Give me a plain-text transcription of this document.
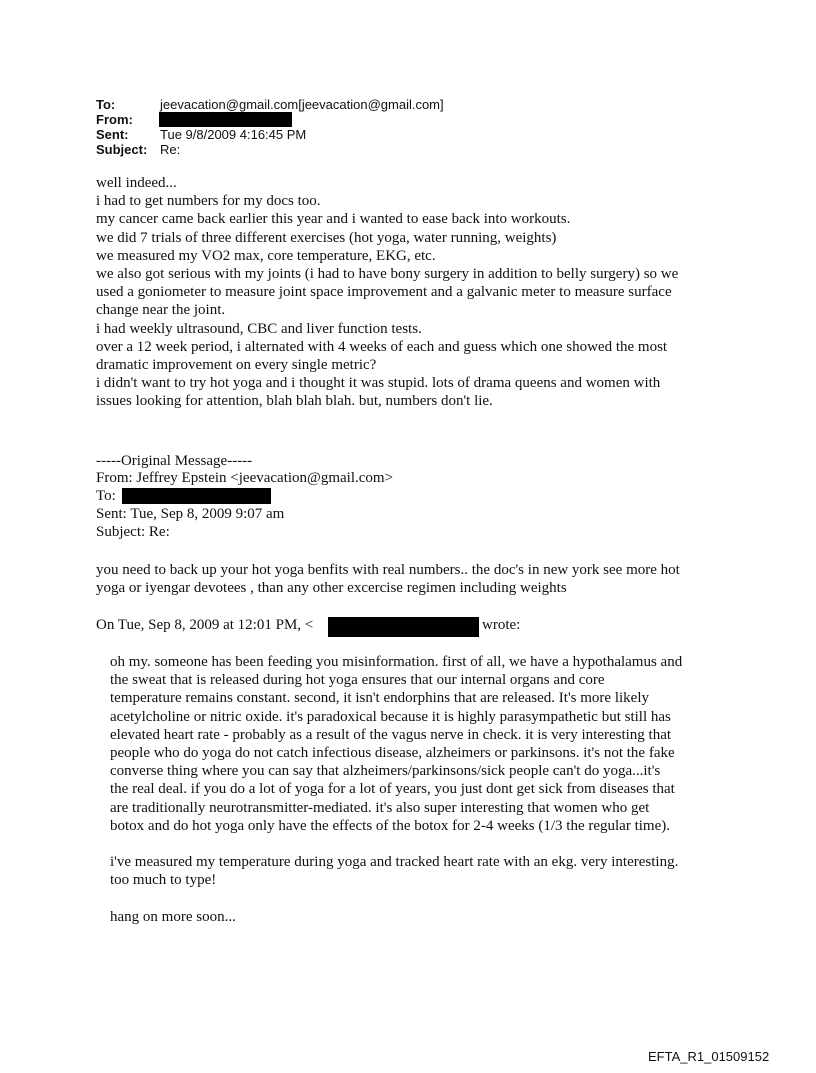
To:	jeevacation@gmail.com[jeevacation@gmail.com]
From:
Sent: Tue 9/8/2009 4:16:45 PM
Subject: Re:
well indeed...
i had to get numbers for my docs too.
my cancer came back earlier this year and i wanted to ease back into workouts.
we did 7 trials of three different exercises (hot yoga, water running, weights)
we measured my VO2 max, core temperature, EKG, etc.
we also got serious with my joints (i had to have bony surgery in addition to belly surgery) so we
used a goniometer to measure joint space improvement and a galvanic meter to measure surface
change near the joint.
i had weekly ultrasound, CBC and liver function tests.
over a 12 week period, i alternated with 4 weeks of each and guess which one showed the most
dramatic improvement on every single metric?
i didn't want to try hot yoga and i thought it was stupid. lots of drama queens and women with
issues looking for attention, blah blah blah. but, numbers don't lie.
-----Original Message-----
From: Jeffrey Epstein <jeevacation@gmail.com>
To:
Sent: Tue, Sep 8, 2009 9:07 am
Subject: Re:
you need to back up your hot yoga benfits with real numbers.. the doc's in new york see more hot
yoga or iyengar devotees , than any other excercise regimen including weights
On Tue, Sep 8, 2009 at 12:01 PM, <	wrote:
oh my. someone has been feeding you misinformation. first of all, we have a hypothalamus and
the sweat that is released during hot yoga ensures that our internal organs and core
temperature remains constant. second, it isn't endorphins that are released. It's more likely
acetylcholine or nitric oxide. it's paradoxical because it is highly parasympathetic but still has
elevated heart rate - probably as a result of the vagus nerve in check. it is very interesting that
people who do yoga do not catch infectious disease, alzheimers or parkinsons. it's not the fake
converse thing where you can say that alzheimers/parkinsons/sick people can't do yoga...it's
the real deal. if you do a lot of yoga for a lot of years, you just dont get sick from diseases that
are traditionally neurotransmitter-mediated. it's also super interesting that women who get
botox and do hot yoga only have the effects of the botox for 2-4 weeks (1/3 the regular time).
i've measured my temperature during yoga and tracked heart rate with an ekg. very interesting.
too much to type!
hang on more soon...
EFTA_R1_01509152
